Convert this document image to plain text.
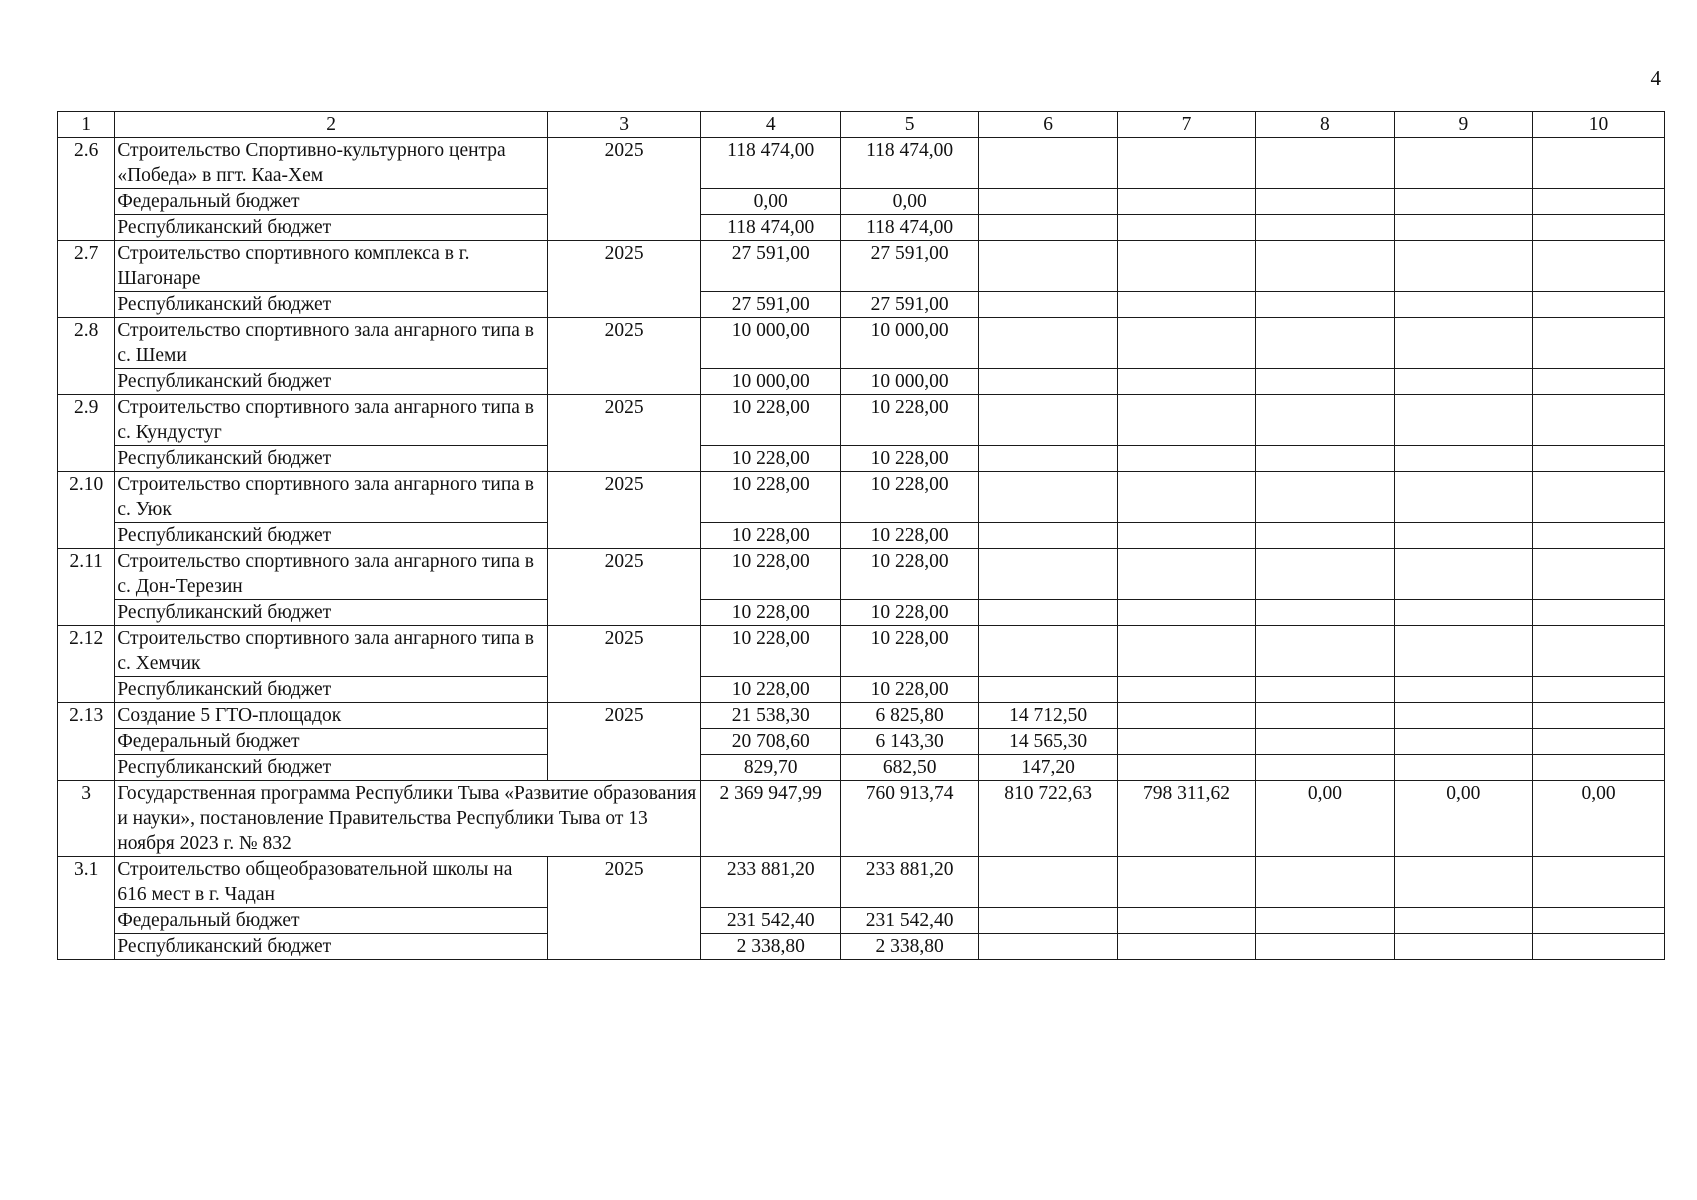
4
1	2	3	4	5	6	7	8	9	10
2.6	Строительство Спортивно-культурного центра «Победа» в пгт. Каа-Хем	2025	118 474,00	118 474,00					
	Федеральный бюджет		0,00	0,00					
	Республиканский бюджет		118 474,00	118 474,00					
2.7	Строительство спортивного комплекса в г. Шагонаре	2025	27 591,00	27 591,00					
	Республиканский бюджет		27 591,00	27 591,00					
2.8	Строительство спортивного зала ангарного типа в с. Шеми	2025	10 000,00	10 000,00					
	Республиканский бюджет		10 000,00	10 000,00					
2.9	Строительство спортивного зала ангарного типа в с. Кундустуг	2025	10 228,00	10 228,00					
	Республиканский бюджет		10 228,00	10 228,00					
2.10	Строительство спортивного зала ангарного типа в с. Уюк	2025	10 228,00	10 228,00					
	Республиканский бюджет		10 228,00	10 228,00					
2.11	Строительство спортивного зала ангарного типа в с. Дон-Терезин	2025	10 228,00	10 228,00					
	Республиканский бюджет		10 228,00	10 228,00					
2.12	Строительство спортивного зала ангарного типа в с. Хемчик	2025	10 228,00	10 228,00					
	Республиканский бюджет		10 228,00	10 228,00					
2.13	Создание 5 ГТО-площадок	2025	21 538,30	6 825,80	14 712,50				
	Федеральный бюджет		20 708,60	6 143,30	14 565,30				
	Республиканский бюджет		829,70	682,50	147,20				
3	Государственная программа Республики Тыва «Развитие образования и науки», постановление Правительства Республики Тыва от 13 ноября 2023 г. № 832		2 369 947,99	760 913,74	810 722,63	798 311,62	0,00	0,00	0,00
3.1	Строительство общеобразовательной школы на 616 мест в г. Чадан	2025	233 881,20	233 881,20					
	Федеральный бюджет		231 542,40	231 542,40					
	Республиканский бюджет		2 338,80	2 338,80					
